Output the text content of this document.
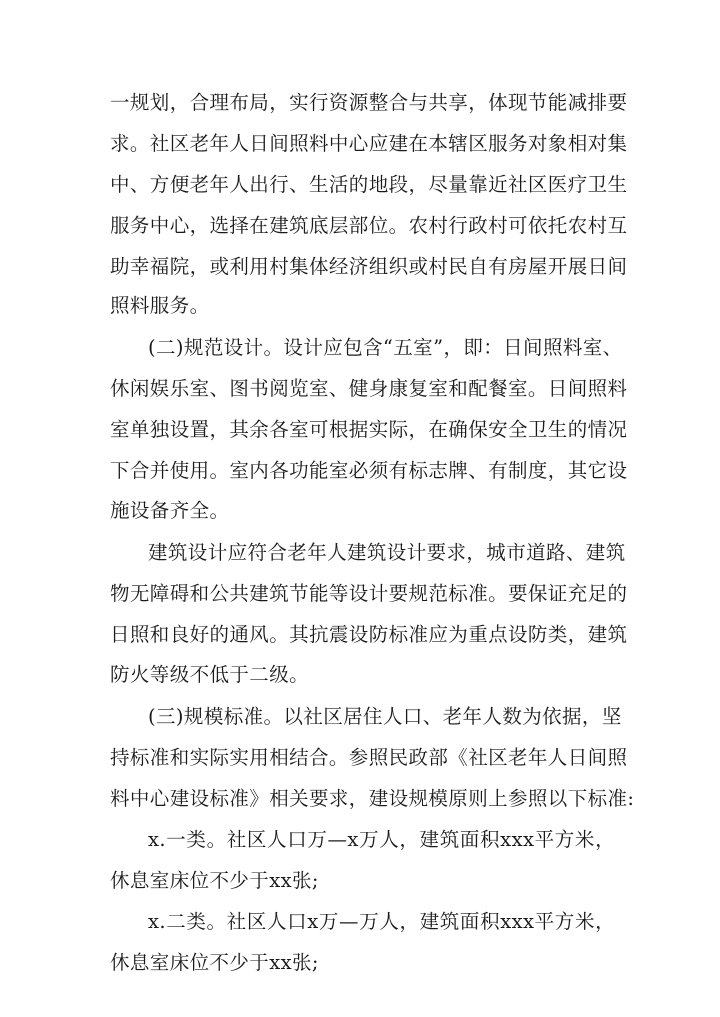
一规划，合理布局，实行资源整合与共享，体现节能减排要
求。社区老年人日间照料中心应建在本辖区服务对象相对集
中、方便老年人出行、生活的地段，尽量靠近社区医疗卫生
服务中心，选择在建筑底层部位。农村行政村可依托农村互
助幸福院，或利用村集体经济组织或村民自有房屋开展日间
照料服务。
(二)规范设计。设计应包含“五室”，即：日间照料室、
休闲娱乐室、图书阅览室、健身康复室和配餐室。日间照料
室单独设置，其余各室可根据实际，在确保安全卫生的情况
下合并使用。室内各功能室必须有标志牌、有制度，其它设
施设备齐全。
建筑设计应符合老年人建筑设计要求，城市道路、建筑
物无障碍和公共建筑节能等设计要规范标准。要保证充足的
日照和良好的通风。其抗震设防标准应为重点设防类，建筑
防火等级不低于二级。
(三)规模标准。以社区居住人口、老年人数为依据，坚
持标准和实际实用相结合。参照民政部《社区老年人日间照
料中心建设标准》相关要求，建设规模原则上参照以下标准:
x.一类。社区人口万—x万人，建筑面积xxx平方米，
休息室床位不少于xx张;
x.二类。社区人口x万—万人，建筑面积xxx平方米，
休息室床位不少于xx张;
